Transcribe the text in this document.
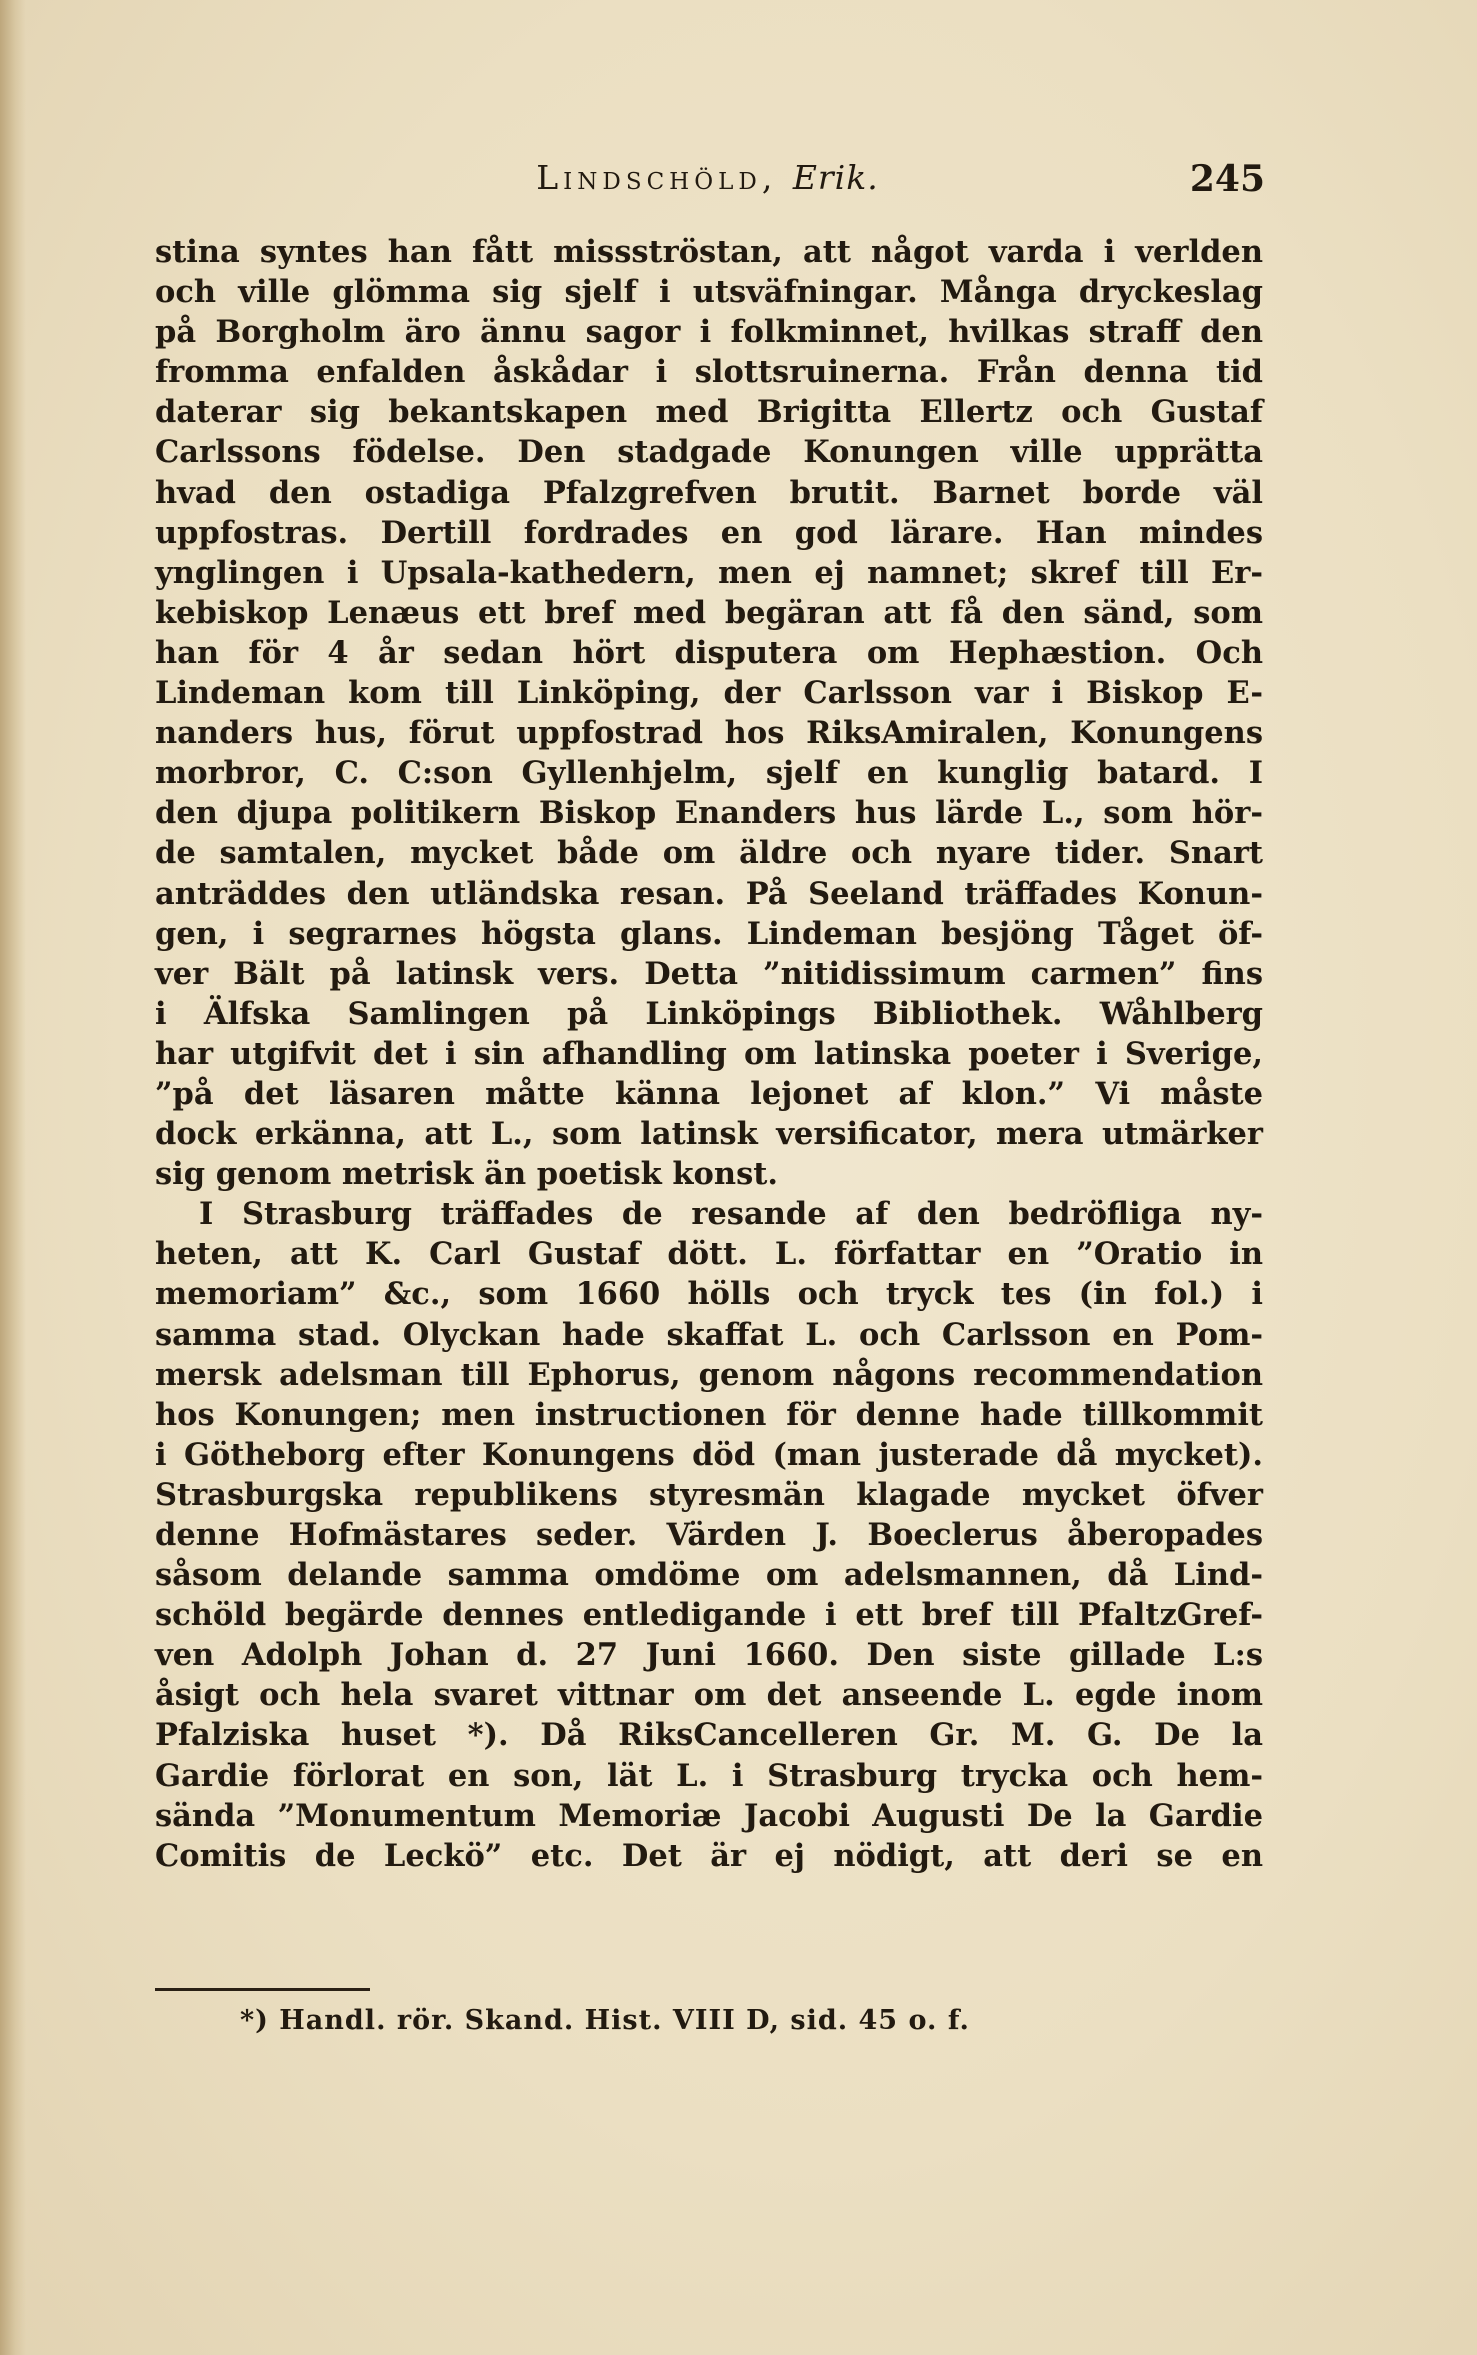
Lindschöld, Erik.	245
stina syntes han fått missströstan, att något varda i verlden
och ville glömma sig sjelf i utsväfningar. Många dryckeslag
på Borgholm äro ännu sagor i folkminnet, hvilkas straff den
fromma enfalden åskådar i slottsruinerna. Från denna tid
daterar sig bekantskapen med Brigitta Ellertz och Gustaf
Carlssons födelse. Den stadgade Konungen ville upprätta
hvad den ostadiga Pfalzgrefven brutit. Barnet borde väl
uppfostras. Dertill fordrades en god lärare. Han mindes
ynglingen i Upsala-kathedern, men ej namnet; skref till Er-
kebiskop Lenæus ett bref med begäran att få den sänd, som
han för 4 år sedan hört disputera om Hephæstion. Och
Lindeman kom till Linköping, der Carlsson var i Biskop E-
nanders hus, förut uppfostrad hos RiksAmiralen, Konungens
morbror, C. C:son Gyllenhjelm, sjelf en kunglig batard. I
den djupa politikern Biskop Enanders hus lärde L., som hör-
de samtalen, mycket både om äldre och nyare tider. Snart
anträddes den utländska resan. På Seeland träffades Konun-
gen, i segrarnes högsta glans. Lindeman besjöng Tåget öf-
ver Bält på latinsk vers. Detta ”nitidissimum carmen” fins
i Älfska Samlingen på Linköpings Bibliothek. Wåhlberg
har utgifvit det i sin afhandling om latinska poeter i Sverige,
”på det läsaren måtte känna lejonet af klon.” Vi måste
dock erkänna, att L., som latinsk versificator, mera utmärker
sig genom metrisk än poetisk konst.
I Strasburg träffades de resande af den bedröfliga ny-
heten, att K. Carl Gustaf dött. L. författar en ”Oratio in
memoriam” &c., som 1660 hölls och tryck tes (in fol.) i
samma stad. Olyckan hade skaffat L. och Carlsson en Pom-
mersk adelsman till Ephorus, genom någons recommendation
hos Konungen; men instructionen för denne hade tillkommit
i Götheborg efter Konungens död (man justerade då mycket).
Strasburgska republikens styresmän klagade mycket öfver
denne Hofmästares seder. Värden J. Boeclerus åberopades
såsom delande samma omdöme om adelsmannen, då Lind-
schöld begärde dennes entledigande i ett bref till PfaltzGref-
ven Adolph Johan d. 27 Juni 1660. Den siste gillade L:s
åsigt och hela svaret vittnar om det anseende L. egde inom
Pfalziska huset *). Då RiksCancelleren Gr. M. G. De la
Gardie förlorat en son, lät L. i Strasburg trycka och hem-
sända ”Monumentum Memoriæ Jacobi Augusti De la Gardie
Comitis de Leckö” etc. Det är ej nödigt, att deri se en
*) Handl. rör. Skand. Hist. VIII D, sid. 45 o. f.
